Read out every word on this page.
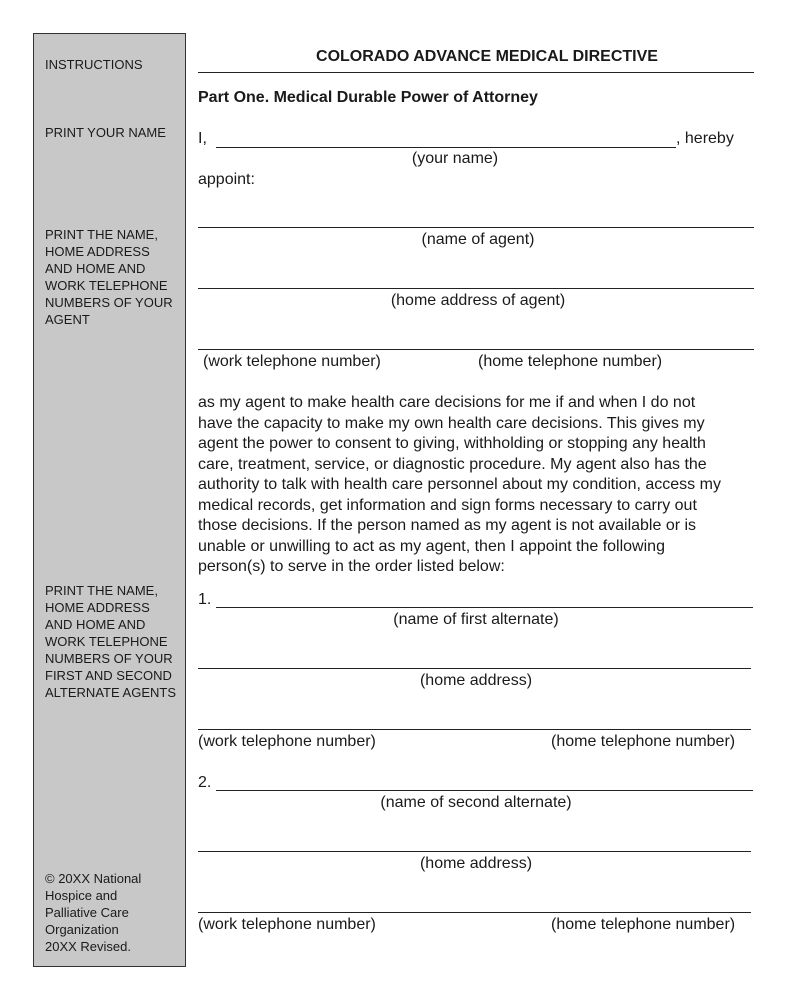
INSTRUCTIONS
PRINT YOUR NAME
PRINT THE NAME,
HOME ADDRESS
AND HOME AND
WORK TELEPHONE
NUMBERS OF YOUR
AGENT
PRINT THE NAME,
HOME ADDRESS
AND HOME AND
WORK TELEPHONE
NUMBERS OF YOUR
FIRST AND SECOND
ALTERNATE AGENTS
© 20XX National
Hospice and
Palliative Care
Organization
20XX Revised.
COLORADO ADVANCE MEDICAL DIRECTIVE
Part One. Medical Durable Power of Attorney
I,	, hereby
(your name)
appoint:
(name of agent)
(home address of agent)
(work telephone number)	(home telephone number)
as my agent to make health care decisions for me if and when I do not
have the capacity to make my own health care decisions. This gives my
agent the power to consent to giving, withholding or stopping any health
care, treatment, service, or diagnostic procedure. My agent also has the
authority to talk with health care personnel about my condition, access my
medical records, get information and sign forms necessary to carry out
those decisions. If the person named as my agent is not available or is
unable or unwilling to act as my agent, then I appoint the following
person(s) to serve in the order listed below:
1.
(name of first alternate)
(home address)
(work telephone number)	(home telephone number)
2.
(name of second alternate)
(home address)
(work telephone number)	(home telephone number)
